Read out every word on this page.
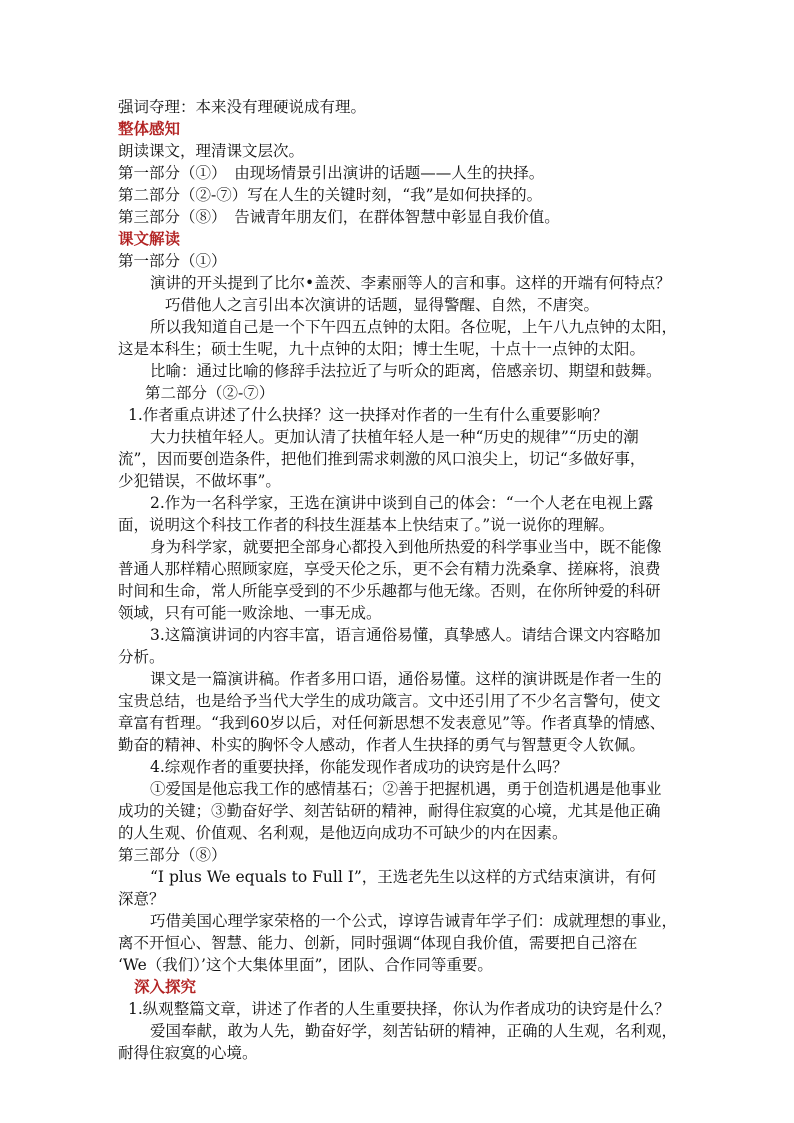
强词夺理：本来没有理硬说成有理。
整体感知
朗读课文，理清课文层次。
第一部分（①）　由现场情景引出演讲的话题——人生的抉择。
第二部分（②-⑦）写在人生的关键时刻，“我”是如何抉择的。
第三部分（⑧）　告诫青年朋友们，在群体智慧中彰显自我价值。
课文解读
第一部分（①）
演讲的开头提到了比尔•盖茨、李素丽等人的言和事。这样的开端有何特点？
巧借他人之言引出本次演讲的话题，显得警醒、自然，不唐突。
所以我知道自己是一个下午四五点钟的太阳。各位呢，上午八九点钟的太阳，
这是本科生；硕士生呢，九十点钟的太阳；博士生呢，十点十一点钟的太阳。
比喻：通过比喻的修辞手法拉近了与听众的距离，倍感亲切、期望和鼓舞。
第二部分（②-⑦）
1.作者重点讲述了什么抉择？这一抉择对作者的一生有什么重要影响？
大力扶植年轻人。更加认清了扶植年轻人是一种“历史的规律”“历史的潮
流”，因而要创造条件，把他们推到需求刺激的风口浪尖上，切记“多做好事，
少犯错误，不做坏事”。
2.作为一名科学家，王选在演讲中谈到自己的体会：“一个人老在电视上露
面，说明这个科技工作者的科技生涯基本上快结束了。”说一说你的理解。
身为科学家，就要把全部身心都投入到他所热爱的科学事业当中，既不能像
普通人那样精心照顾家庭，享受天伦之乐，更不会有精力洗桑拿、搓麻将，浪费
时间和生命，常人所能享受到的不少乐趣都与他无缘。否则，在你所钟爱的科研
领域，只有可能一败涂地、一事无成。
3.这篇演讲词的内容丰富，语言通俗易懂，真挚感人。请结合课文内容略加
分析。
课文是一篇演讲稿。作者多用口语，通俗易懂。这样的演讲既是作者一生的
宝贵总结，也是给予当代大学生的成功箴言。文中还引用了不少名言警句，使文
章富有哲理。“我到60岁以后，对任何新思想不发表意见”等。作者真挚的情感、
勤奋的精神、朴实的胸怀令人感动，作者人生抉择的勇气与智慧更令人钦佩。
4.综观作者的重要抉择，你能发现作者成功的诀窍是什么吗？
①爱国是他忘我工作的感情基石；②善于把握机遇，勇于创造机遇是他事业
成功的关键；③勤奋好学、刻苦钻研的精神，耐得住寂寞的心境，尤其是他正确
的人生观、价值观、名利观，是他迈向成功不可缺少的内在因素。
第三部分（⑧）
“I plus We equals to Full I”，王选老先生以这样的方式结束演讲，有何
深意？
巧借美国心理学家荣格的一个公式，谆谆告诫青年学子们：成就理想的事业，
离不开恒心、智慧、能力、创新，同时强调“体现自我价值，需要把自己溶在
‘We（我们）’这个大集体里面”，团队、合作同等重要。
深入探究
1.纵观整篇文章，讲述了作者的人生重要抉择，你认为作者成功的诀窍是什么？
爱国奉献，敢为人先，勤奋好学，刻苦钻研的精神，正确的人生观，名利观，
耐得住寂寞的心境。
